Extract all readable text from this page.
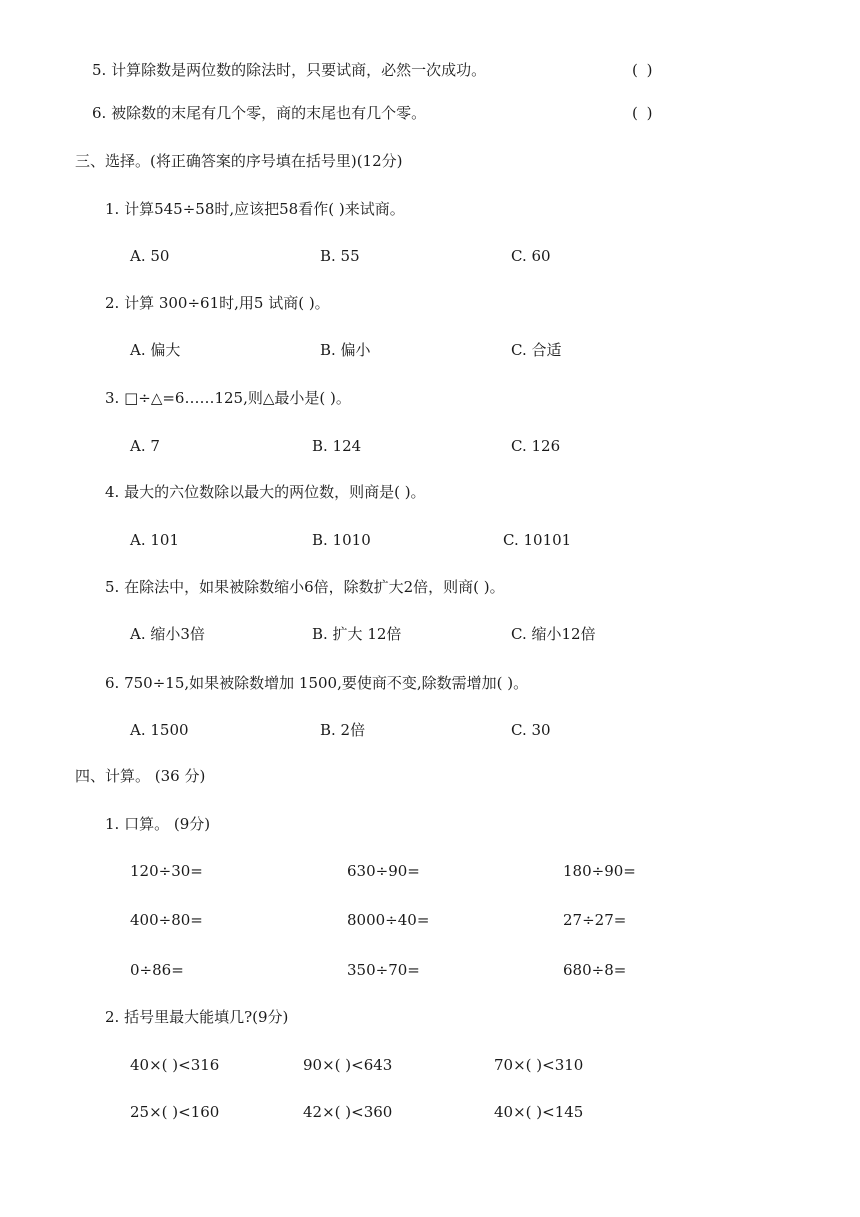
5. 计算除数是两位数的除法时，只要试商，必然一次成功。	( )
6. 被除数的末尾有几个零，商的末尾也有几个零。	( )
三、选择。(将正确答案的序号填在括号里)(12分)
1. 计算545÷58时,应该把58看作( )来试商。
A. 50	B. 55	C. 60
2. 计算 300÷61时,用5 试商( )。
A. 偏大	B. 偏小	C. 合适
3. □÷△=6……125,则△最小是( )。
A. 7	B. 124	C. 126
4. 最大的六位数除以最大的两位数，则商是( )。
A. 101	B. 1010	C. 10101
5. 在除法中，如果被除数缩小6倍，除数扩大2倍，则商( )。
A. 缩小3倍	B. 扩大 12倍	C. 缩小12倍
6. 750÷15,如果被除数增加 1500,要使商不变,除数需增加( )。
A. 1500	B. 2倍	C. 30
四、计算。 (36 分)
1. 口算。 (9分)
120÷30=	630÷90=	180÷90=
400÷80=	8000÷40=	27÷27=
0÷86=	350÷70=	680÷8=
2. 括号里最大能填几?(9分)
40×( )<316	90×( )<643	70×( )<310
25×( )<160	42×( )<360	40×( )<145
